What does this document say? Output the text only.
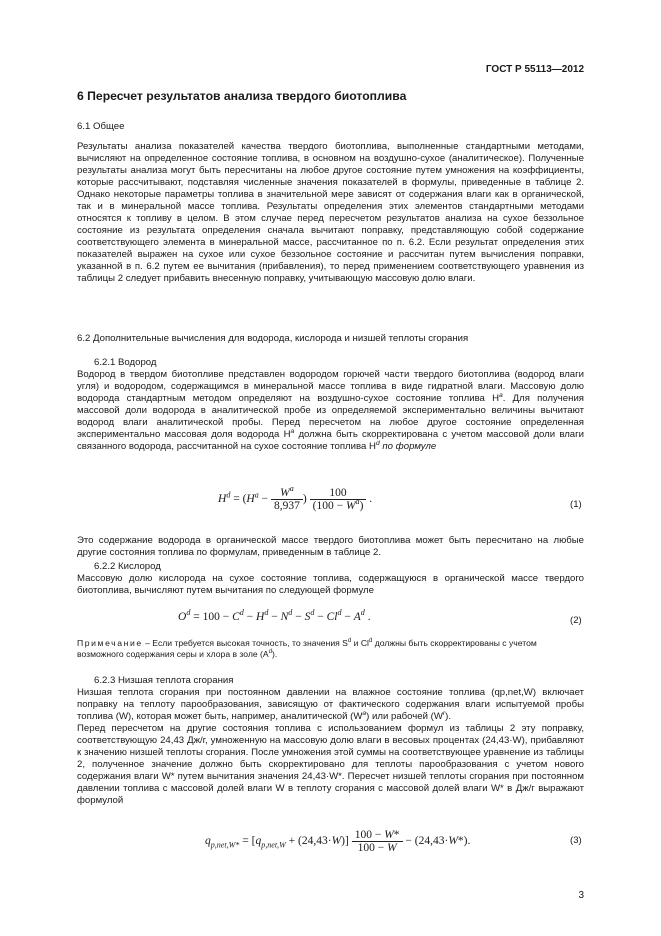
ГОСТ Р 55113—2012
6 Пересчет результатов анализа твердого биотоплива
6.1 Общее

Результаты анализа показателей качества твердого биотоплива, выполненные стандартными методами, вычисляют на определенное состояние топлива, в основном на воздушно-сухое (аналитическое). Полученные результаты анализа могут быть пересчитаны на любое другое состояние путем умножения на коэффициенты, которые рассчитывают, подставляя численные значения показателей в формулы, приведенные в таблице 2. Однако некоторые параметры топлива в значительной мере зависят от содержания влаги как в органической, так и в минеральной массе топлива. Результаты определения этих элементов стандартными методами относятся к топливу в целом. В этом случае перед пересчетом результатов анализа на сухое беззольное состояние из результата определения сначала вычитают поправку, представляющую собой содержание соответствующего элемента в минеральной массе, рассчитанное по п. 6.2. Если результат определения этих показателей выражен на сухое или сухое беззольное состояние и рассчитан путем вычисления поправки, указанной в п. 6.2 путем ее вычитания (прибавления), то перед применением соответствующего уравнения из таблицы 2 следует прибавить внесенную поправку, учитывающую массовую долю влаги.

6.2 Дополнительные вычисления для водорода, кислорода и низшей теплоты сгорания
6.2.1 Водород

Водород в твердом биотопливе представлен водородом горючей части твердого биотоплива (водород влаги угля) и водородом, содержащимся в минеральной массе топлива в виде гидратной влаги. Массовую долю водорода стандартным методом определяют на воздушно-сухое состояние топлива $H^a$. Для получения массовой доли водорода в аналитической пробе из определяемой экспериментально величины вычитают водород влаги аналитической пробы. Перед пересчетом на любое другое состояние определенная экспериментально массовая доля водорода $H^a$ должна быть скорректирована с учетом массовой доли влаги связанного водорода, рассчитанной на сухое состояние топлива $H^d$ по формуле

$H^d = (H^a - \frac{W^a}{8,937}$ ) $\frac{100}{(100 - W^a)}$ .	(1)

Это содержание водорода в органической массе твердого биотоплива может быть пересчитано на любые другие состояния топлива по формулам, приведенным в таблице 2.

6.2.2 Кислород

Массовую долю кислорода на сухое состояние топлива, содержащуюся в органической массе твердого биотоплива, вычисляют путем вычитания по следующей формуле

$O^d = 100 - C^d - H^d - N^d - S^d - Cl^d - A^d$ .	(2)
Примечание – Если требуется высокая точность, то значения $S^d$ и Cl$^d$ должны быть скорректированы с учетом возможного содержания серы и хлора в золе $(A^d)$.
6.2.3 Низшая теплота сгорания

Низшая теплота сгорания при постоянном давлении на влажное состояние топлива (qp,net,W) включает поправку на теплоту парообразования, зависящую от фактического содержания влаги испытуемой пробы топлива (W), которая может быть, например, аналитической $(W^a)$ или рабочей $(W^r)$.

Перед пересчетом на другие состояния топлива с использованием формул из таблицы 2 эту поправку, соответствующую 24,43 Дж/г, умноженную на массовую долю влаги в весовых процентах (24,43·W), прибавляют к значению низшей теплоты сгорания. После умножения этой суммы на соответствующее уравнение из таблицы 2, полученное значение должно быть скорректировано для теплоты парообразования с учетом нового содержания влаги W* путем вычитания значения 24,43·W*. Пересчет низшей теплоты сгорания при постоянном давлении топлива с массовой долей влаги W в теплоту сгорания с массовой долей влаги W* в Дж/г выражают формулой

$q_{p,net,W*} = [q_{p,net,W} + (24,43\cdot W)] \frac{100 - W*}{100 - W} - (24,43\cdot W*)$.	(3)
3
